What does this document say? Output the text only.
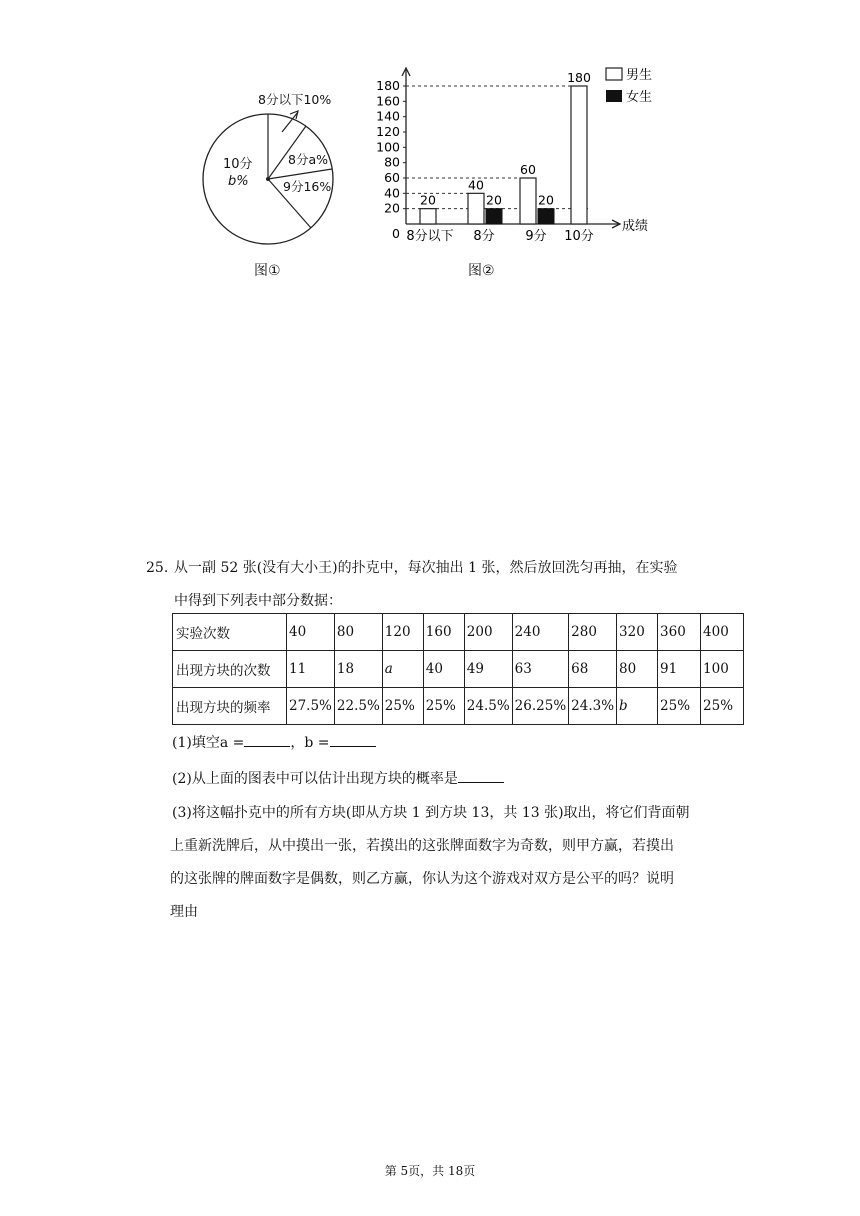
8分以下10%
8分a%
9分16%
10分
b%
图①
0
20
40
60
80
100
120
140
160
180
20
8分以下
40
20
8分
60
20
9分
180
10分
成绩
男生
女生
图②
25. 从一副 52 张(没有大小王)的扑克中，每次抽出 1 张，然后放回洗匀再抽，在实验

中得到下列表中部分数据：

实验次数	40	80	120	160	200	240	280	320	360	400
出现方块的次数	11	18	a	40	49	63	68	80	91	100
出现方块的频率	27.5%	22.5%	25%	25%	24.5%	26.25%	24.3%	b	25%	25%
(1)填空a =	，b =
(2)从上面的图表中可以估计出现方块的概率是
(3)将这幅扑克中的所有方块(即从方块 1 到方块 13，共 13 张)取出，将它们背面朝
上重新洗牌后，从中摸出一张，若摸出的这张牌面数字为奇数，则甲方赢，若摸出
的这张牌的牌面数字是偶数，则乙方赢，你认为这个游戏对双方是公平的吗？说明
理由
第 5页，共 18页
